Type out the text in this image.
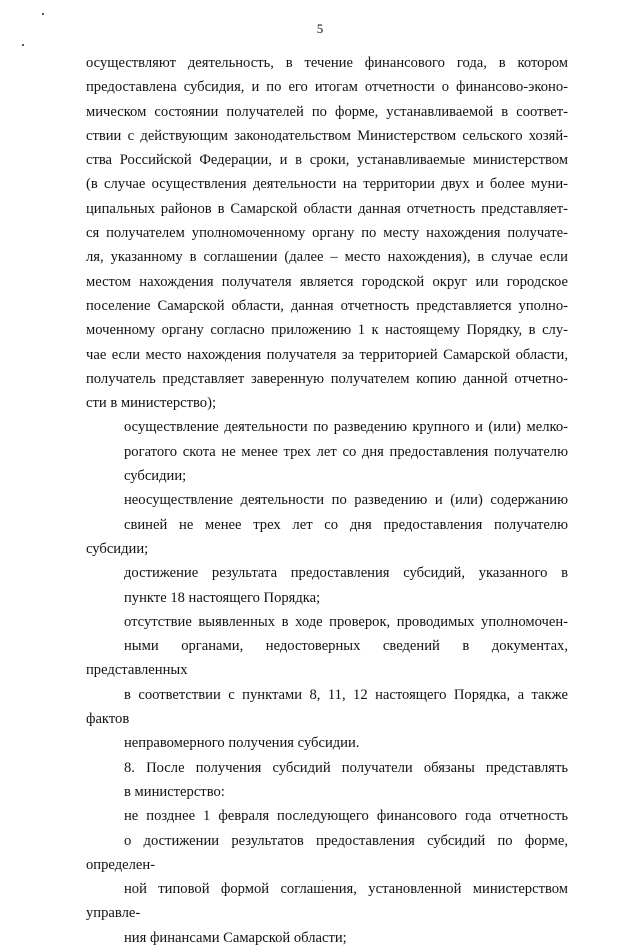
5

осуществляют деятельность, в течение финансового года, в котором
предоставлена субсидия, и по его итогам отчетности о финансово-эконо-
мическом состоянии получателей по форме, устанавливаемой в соответ-
ствии с действующим законодательством Министерством сельского хозяй-
ства Российской Федерации, и в сроки, устанавливаемые министерством
(в случае осуществления деятельности на территории двух и более муни-
ципальных районов в Самарской области данная отчетность представляет-
ся получателем уполномоченному органу по месту нахождения получате-
ля, указанному в соглашении (далее – место нахождения), в случае если
местом нахождения получателя является городской округ или городское
поселение Самарской области, данная отчетность представляется уполно-
моченному органу согласно приложению 1 к настоящему Порядку, в слу-
чае если место нахождения получателя за территорией Самарской области,
получатель представляет заверенную получателем копию данной отчетно-
сти в министерство);

осуществление деятельности по разведению крупного и (или) мелко-
рогатого скота не менее трех лет со дня предоставления получателю
субсидии;

неосуществление деятельности по разведению и (или) содержанию
свиней не менее трех лет со дня предоставления получателю субсидии;

достижение результата предоставления субсидий, указанного в
пункте 18 настоящего Порядка;

отсутствие выявленных в ходе проверок, проводимых уполномочен-
ными органами, недостоверных сведений в документах, представленных
в соответствии с пунктами 8, 11, 12 настоящего Порядка, а также фактов
неправомерного получения субсидии.

8. После получения субсидий получатели обязаны представлять
в министерство:

не позднее 1 февраля последующего финансового года отчетность
о достижении результатов предоставления субсидий по форме, определен-
ной типовой формой соглашения, установленной министерством управле-
ния финансами Самарской области;
